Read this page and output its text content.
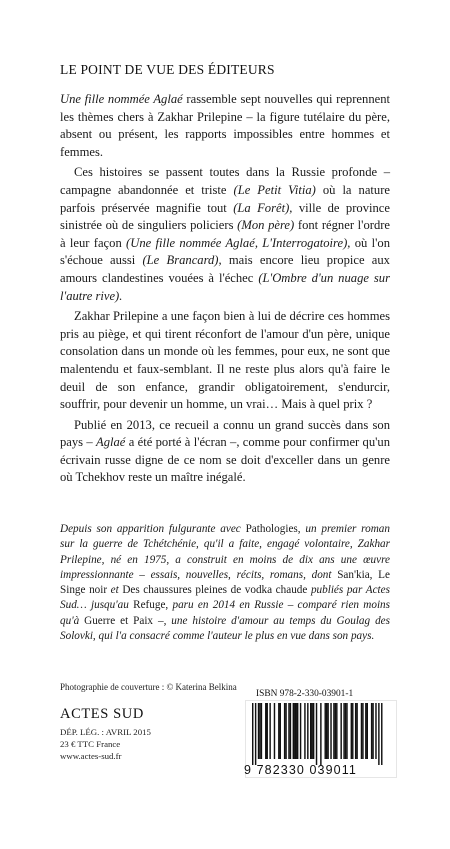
LE POINT DE VUE DES ÉDITEURS

Une fille nommée Aglaé rassemble sept nouvelles qui reprennent les thèmes chers à Zakhar Prilepine – la figure tutélaire du père, absent ou présent, les rapports impossibles entre hommes et femmes.

Ces histoires se passent toutes dans la Russie profonde – campagne abandonnée et triste (Le Petit Vitia) où la nature parfois préservée magnifie tout (La Forêt), ville de province sinistrée où de singuliers policiers (Mon père) font régner l'ordre à leur façon (Une fille nommée Aglaé, L'Interrogatoire), où l'on s'échoue aussi (Le Brancard), mais encore lieu propice aux amours clandestines vouées à l'échec (L'Ombre d'un nuage sur l'autre rive).

Zakhar Prilepine a une façon bien à lui de décrire ces hommes pris au piège, et qui tirent réconfort de l'amour d'un père, unique consolation dans un monde où les femmes, pour eux, ne sont que malentendu et faux-semblant. Il ne reste plus alors qu'à faire le deuil de son enfance, grandir obligatoirement, s'endurcir, souffrir, pour devenir un homme, un vrai… Mais à quel prix ?

Publié en 2013, ce recueil a connu un grand succès dans son pays – Aglaé a été porté à l'écran –, comme pour confirmer qu'un écrivain russe digne de ce nom se doit d'exceller dans un genre où Tchekhov reste un maître inégalé.

Depuis son apparition fulgurante avec Pathologies, un premier roman sur la guerre de Tchétchénie, qu'il a faite, engagé volontaire, Zakhar Prilepine, né en 1975, a construit en moins de dix ans une œuvre impressionnante – essais, nouvelles, récits, romans, dont San'kia, Le Singe noir et Des chaussures pleines de vodka chaude publiés par Actes Sud… jusqu'au Refuge, paru en 2014 en Russie – comparé rien moins qu'à Guerre et Paix –, une histoire d'amour au temps du Goulag des Solovki, qui l'a consacré comme l'auteur le plus en vue dans son pays.

Photographie de couverture : © Katerina Belkina
ACTES SUD
DÉP. LÉG. : AVRIL 2015
23 € TTC France
www.actes-sud.fr
ISBN 978-2-330-03901-1
9 782330 039011
